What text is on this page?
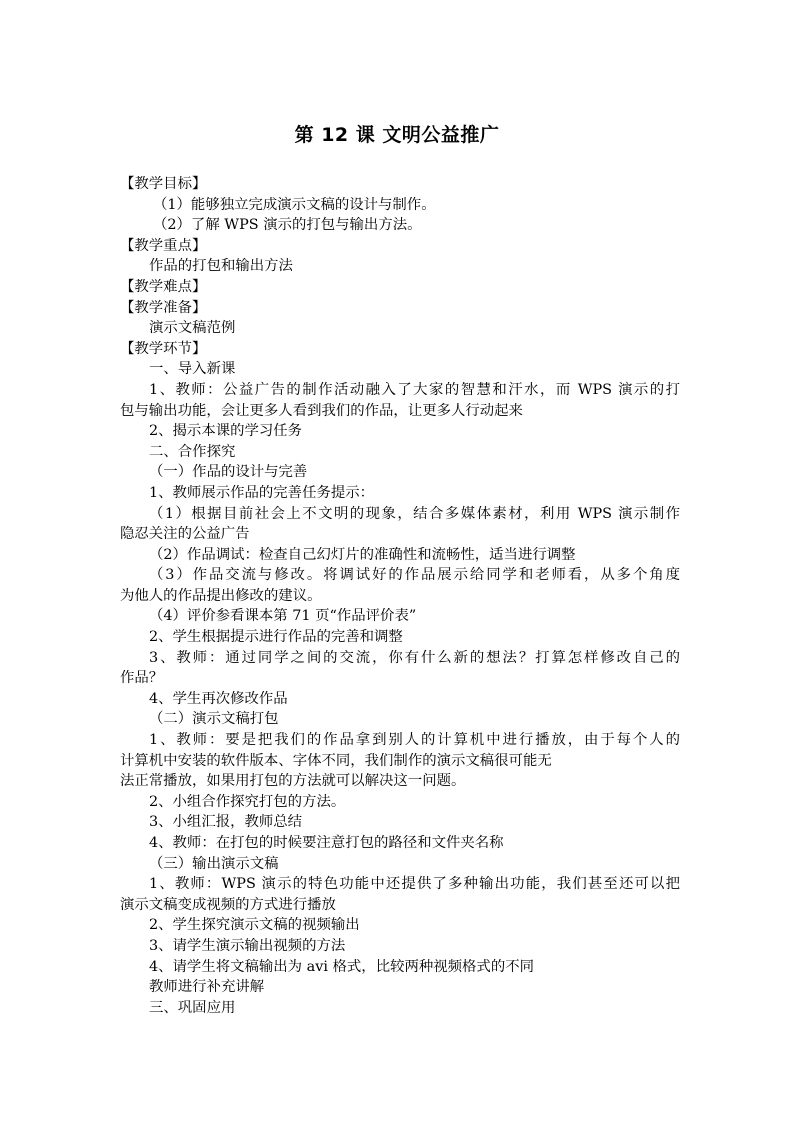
第 12 课 文明公益推广
【教学目标】
（1）能够独立完成演示文稿的设计与制作。
（2）了解 WPS 演示的打包与输出方法。
【教学重点】
作品的打包和输出方法
【教学难点】
【教学准备】
演示文稿范例
【教学环节】
一、导入新课
1、教师：公益广告的制作活动融入了大家的智慧和汗水，而 WPS 演示的打
包与输出功能，会让更多人看到我们的作品，让更多人行动起来
2、揭示本课的学习任务
二、合作探究
（一）作品的设计与完善
1、教师展示作品的完善任务提示：
（1）根据目前社会上不文明的现象，结合多媒体素材，利用 WPS 演示制作
隐忍关注的公益广告
（2）作品调试：检查自己幻灯片的准确性和流畅性，适当进行调整
（3）作品交流与修改。将调试好的作品展示给同学和老师看，从多个角度
为他人的作品提出修改的建议。
（4）评价参看课本第 71 页“作品评价表”
2、学生根据提示进行作品的完善和调整
3、教师：通过同学之间的交流，你有什么新的想法？打算怎样修改自己的
作品？
4、学生再次修改作品
（二）演示文稿打包
1、教师：要是把我们的作品拿到别人的计算机中进行播放，由于每个人的
计算机中安装的软件版本、字体不同，我们制作的演示文稿很可能无
法正常播放，如果用打包的方法就可以解决这一问题。
2、小组合作探究打包的方法。
3、小组汇报，教师总结
4、教师：在打包的时候要注意打包的路径和文件夹名称
（三）输出演示文稿
1、教师：WPS 演示的特色功能中还提供了多种输出功能，我们甚至还可以把
演示文稿变成视频的方式进行播放
2、学生探究演示文稿的视频输出
3、请学生演示输出视频的方法
4、请学生将文稿输出为 avi 格式，比较两种视频格式的不同
教师进行补充讲解
三、巩固应用
